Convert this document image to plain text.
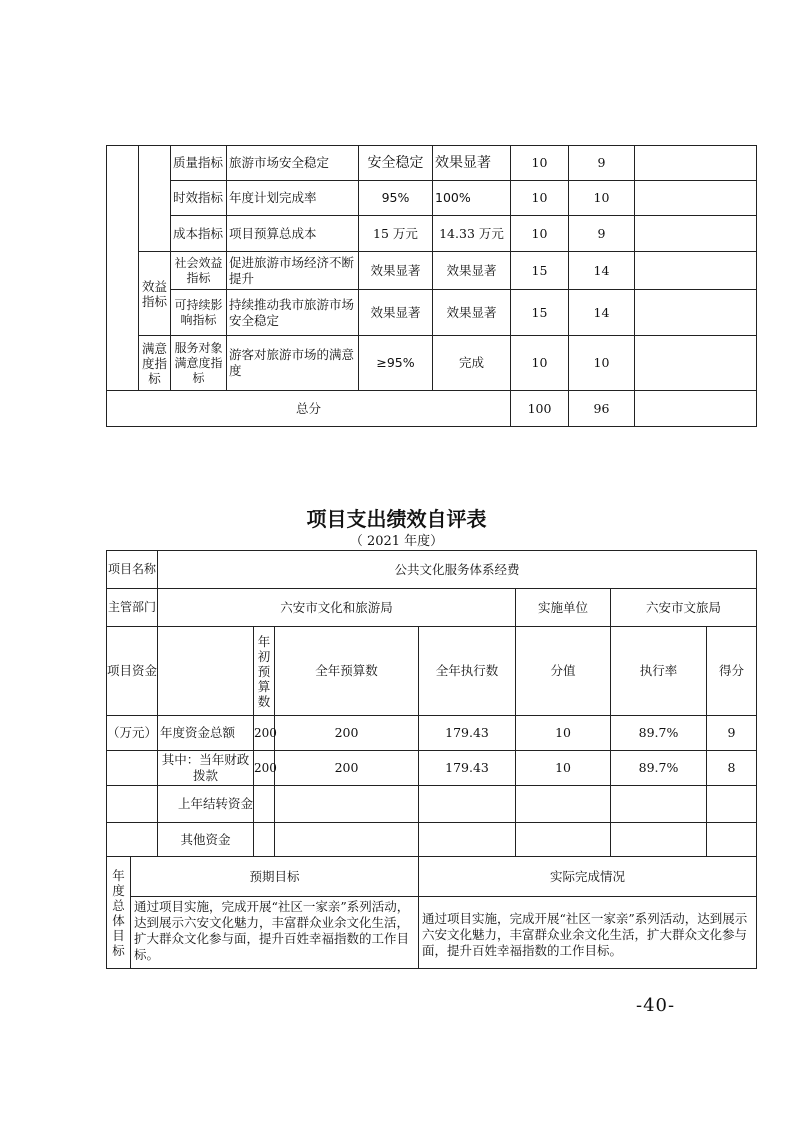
		质量指标	旅游市场安全稳定	安全稳定	效果显著	10	9	
		时效指标	年度计划完成率	95%	100%	10	10	
		成本指标	项目预算总成本	15 万元	14.33 万元	10	9	
	效益指标	社会效益指标	促进旅游市场经济不断提升	效果显著	效果显著	15	14	
		可持续影响指标	持续推动我市旅游市场安全稳定	效果显著	效果显著	15	14	
	满意度指标	服务对象满意度指标	游客对旅游市场的满意度	≥95%	完成	10	10	
总分						100	96	
项目支出绩效自评表
（ 2021 年度）
项目名称		公共文化服务体系经费						
主管部门		六安市文化和旅游局				实施单位	六安市文旅局	
项目资金			年初预算数	全年预算数	全年执行数	分值	执行率	得分
（万元）		年度资金总额	200	200	179.43	10	89.7%	9
		其中：当年财政拨款	200	200	179.43	10	89.7%	8
		上年结转资金						
		其他资金						
年度总体目标	预期目标				实际完成情况			
	通过项目实施，完成开展“社区一家亲”系列活动，达到展示六安文化魅力，丰富群众业余文化生活，扩大群众文化参与面，提升百姓幸福指数的工作目标。				通过项目实施，完成开展“社区一家亲”系列活动，达到展示六安文化魅力，丰富群众业余文化生活，扩大群众文化参与面，提升百姓幸福指数的工作目标。			
-40-
